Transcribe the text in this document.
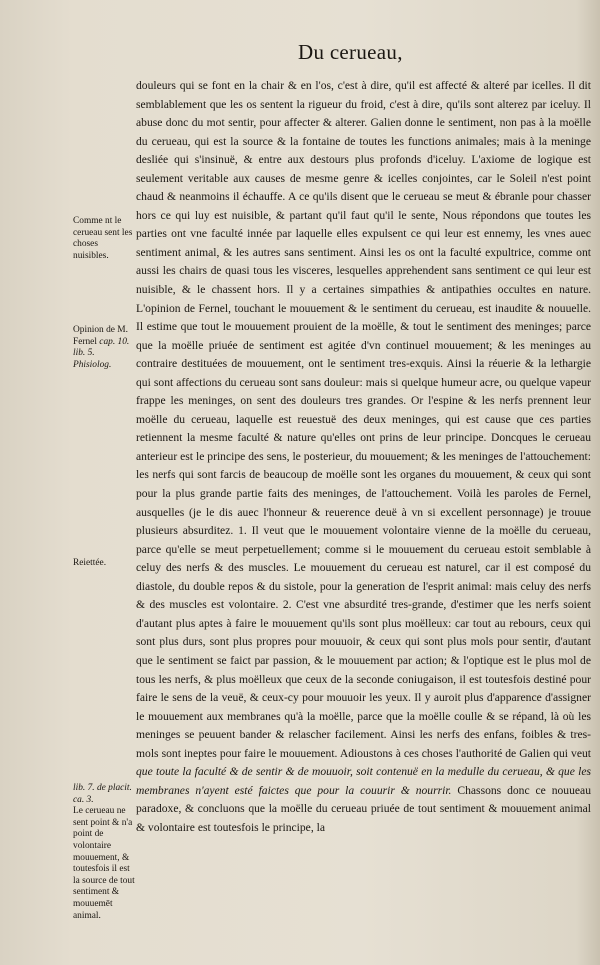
Du cerueau,
Comme nt le cerueau sent les choses nuisibles.
Opinion de M. Fernel cap. 10. lib. 5. Phisiolog.
Reiettée.
lib. 7. de placit. ca. 3.
Le cerueau ne sent point & n'a point de volontaire mouuement, & toutesfois il est la source de tout sentiment & mouuemēt animal.

douleurs qui se font en la chair & en l'os, c'est à dire, qu'il est affecté & alteré par icelles. Il dit semblablement que les os sentent la rigueur du froid, c'est à dire, qu'ils sont alterez par iceluy. Il abuse donc du mot sentir, pour affecter & alterer. Galien donne le sentiment, non pas à la moëlle du cerueau, qui est la source & la fontaine de toutes les functions animales; mais à la meninge desliée qui s'insinuë, & entre aux destours plus profonds d'iceluy. L'axiome de logique est seulement veritable aux causes de mesme genre & icelles conjointes, car le Soleil n'est point chaud & neanmoins il échauffe. A ce qu'ils disent que le cerueau se meut & ébranle pour chasser hors ce qui luy est nuisible, & partant qu'il faut qu'il le sente, Nous répondons que toutes les parties ont vne faculté innée par laquelle elles expulsent ce qui leur est ennemy, les vnes auec sentiment animal, & les autres sans sentiment. Ainsi les os ont la faculté expultrice, comme ont aussi les chairs de quasi tous les visceres, lesquelles apprehendent sans sentiment ce qui leur est nuisible, & le chassent hors. Il y a certaines simpathies & antipathies occultes en nature. L'opinion de Fernel, touchant le mouuement & le sentiment du cerueau, est inaudite & nouuelle. Il estime que tout le mouuement prouient de la moëlle, & tout le sentiment des meninges; parce que la moëlle priuée de sentiment est agitée d'vn continuel mouuement; & les meninges au contraire destituées de mouuement, ont le sentiment tres-exquis. Ainsi la réuerie & la lethargie qui sont affections du cerueau sont sans douleur: mais si quelque humeur acre, ou quelque vapeur frappe les meninges, on sent des douleurs tres grandes. Or l'espine & les nerfs prennent leur moëlle du cerueau, laquelle est reuestuë des deux meninges, qui est cause que ces parties retiennent la mesme faculté & nature qu'elles ont prins de leur principe. Doncques le cerueau anterieur est le principe des sens, le posterieur, du mouuement; & les meninges de l'attouchement: les nerfs qui sont farcis de beaucoup de moëlle sont les organes du mouuement, & ceux qui sont pour la plus grande partie faits des meninges, de l'attouchement. Voilà les paroles de Fernel, ausquelles (je le dis auec l'honneur & reuerence deuë à vn si excellent personnage) je trouue plusieurs absurditez. 1. Il veut que le mouuement volontaire vienne de la moëlle du cerueau, parce qu'elle se meut perpetuellement; comme si le mouuement du cerueau estoit semblable à celuy des nerfs & des muscles. Le mouuement du cerueau est naturel, car il est composé du diastole, du double repos & du sistole, pour la generation de l'esprit animal: mais celuy des nerfs & des muscles est volontaire. 2. C'est vne absurdité tres-grande, d'estimer que les nerfs soient d'autant plus aptes à faire le mouuement qu'ils sont plus moëlleux: car tout au rebours, ceux qui sont plus durs, sont plus propres pour mouuoir, & ceux qui sont plus mols pour sentir, d'autant que le sentiment se faict par passion, & le mouuement par action; & l'optique est le plus mol de tous les nerfs, & plus moëlleux que ceux de la seconde coniugaison, il est toutesfois destiné pour faire le sens de la veuë, & ceux-cy pour mouuoir les yeux. Il y auroit plus d'apparence d'assigner le mouuement aux membranes qu'à la moëlle, parce que la moëlle coulle & se répand, là où les meninges se peuuent bander & relascher facilement. Ainsi les nerfs des enfans, foibles & tres-mols sont ineptes pour faire le mouuement. Adioustons à ces choses l'authorité de Galien qui veut que toute la faculté & de sentir & de mouuoir, soit contenuë en la medulle du cerueau, & que les membranes n'ayent esté faictes que pour la couurir & nourrir. Chassons donc ce nouueau paradoxe, & concluons que la moëlle du cerueau priuée de tout sentiment & mouuement animal & volontaire est toutesfois le principe, la
